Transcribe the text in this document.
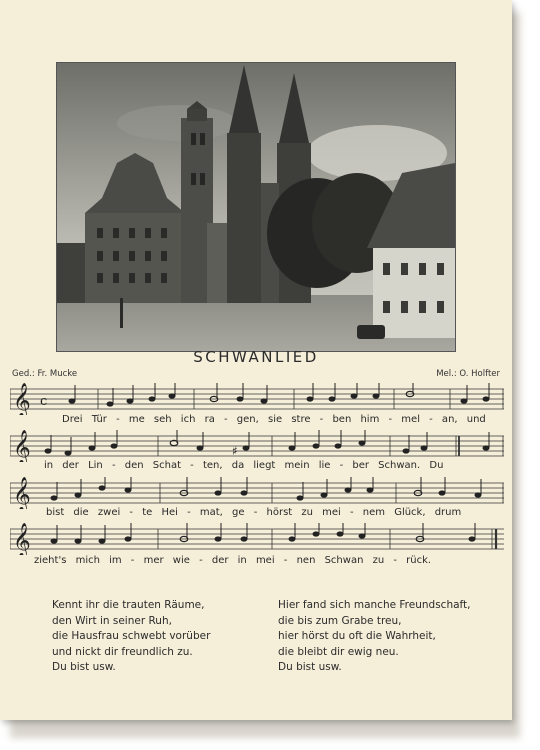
SCHWANLIED
Ged.: Fr. Mucke	Mel.: O. Holfter
𝄞 c
Drei Tür - me seh ich ra - gen, sie stre - ben him - mel - an, und
𝄞	♯
in der Lin - den Schat - ten, da liegt mein lie - ber Schwan. Du
𝄞
bist die zwei - te Hei - mat, ge - hörst zu mei - nem Glück, drum
𝄞
zieht's mich im - mer wie - der in mei - nen Schwan zu - rück.
Kennt ihr die trauten Räume,
den Wirt in seiner Ruh,
die Hausfrau schwebt vorüber
und nickt dir freundlich zu.
Du bist usw.
Hier fand sich manche Freundschaft,
die bis zum Grabe treu,
hier hörst du oft die Wahrheit,
die bleibt dir ewig neu.
Du bist usw.
